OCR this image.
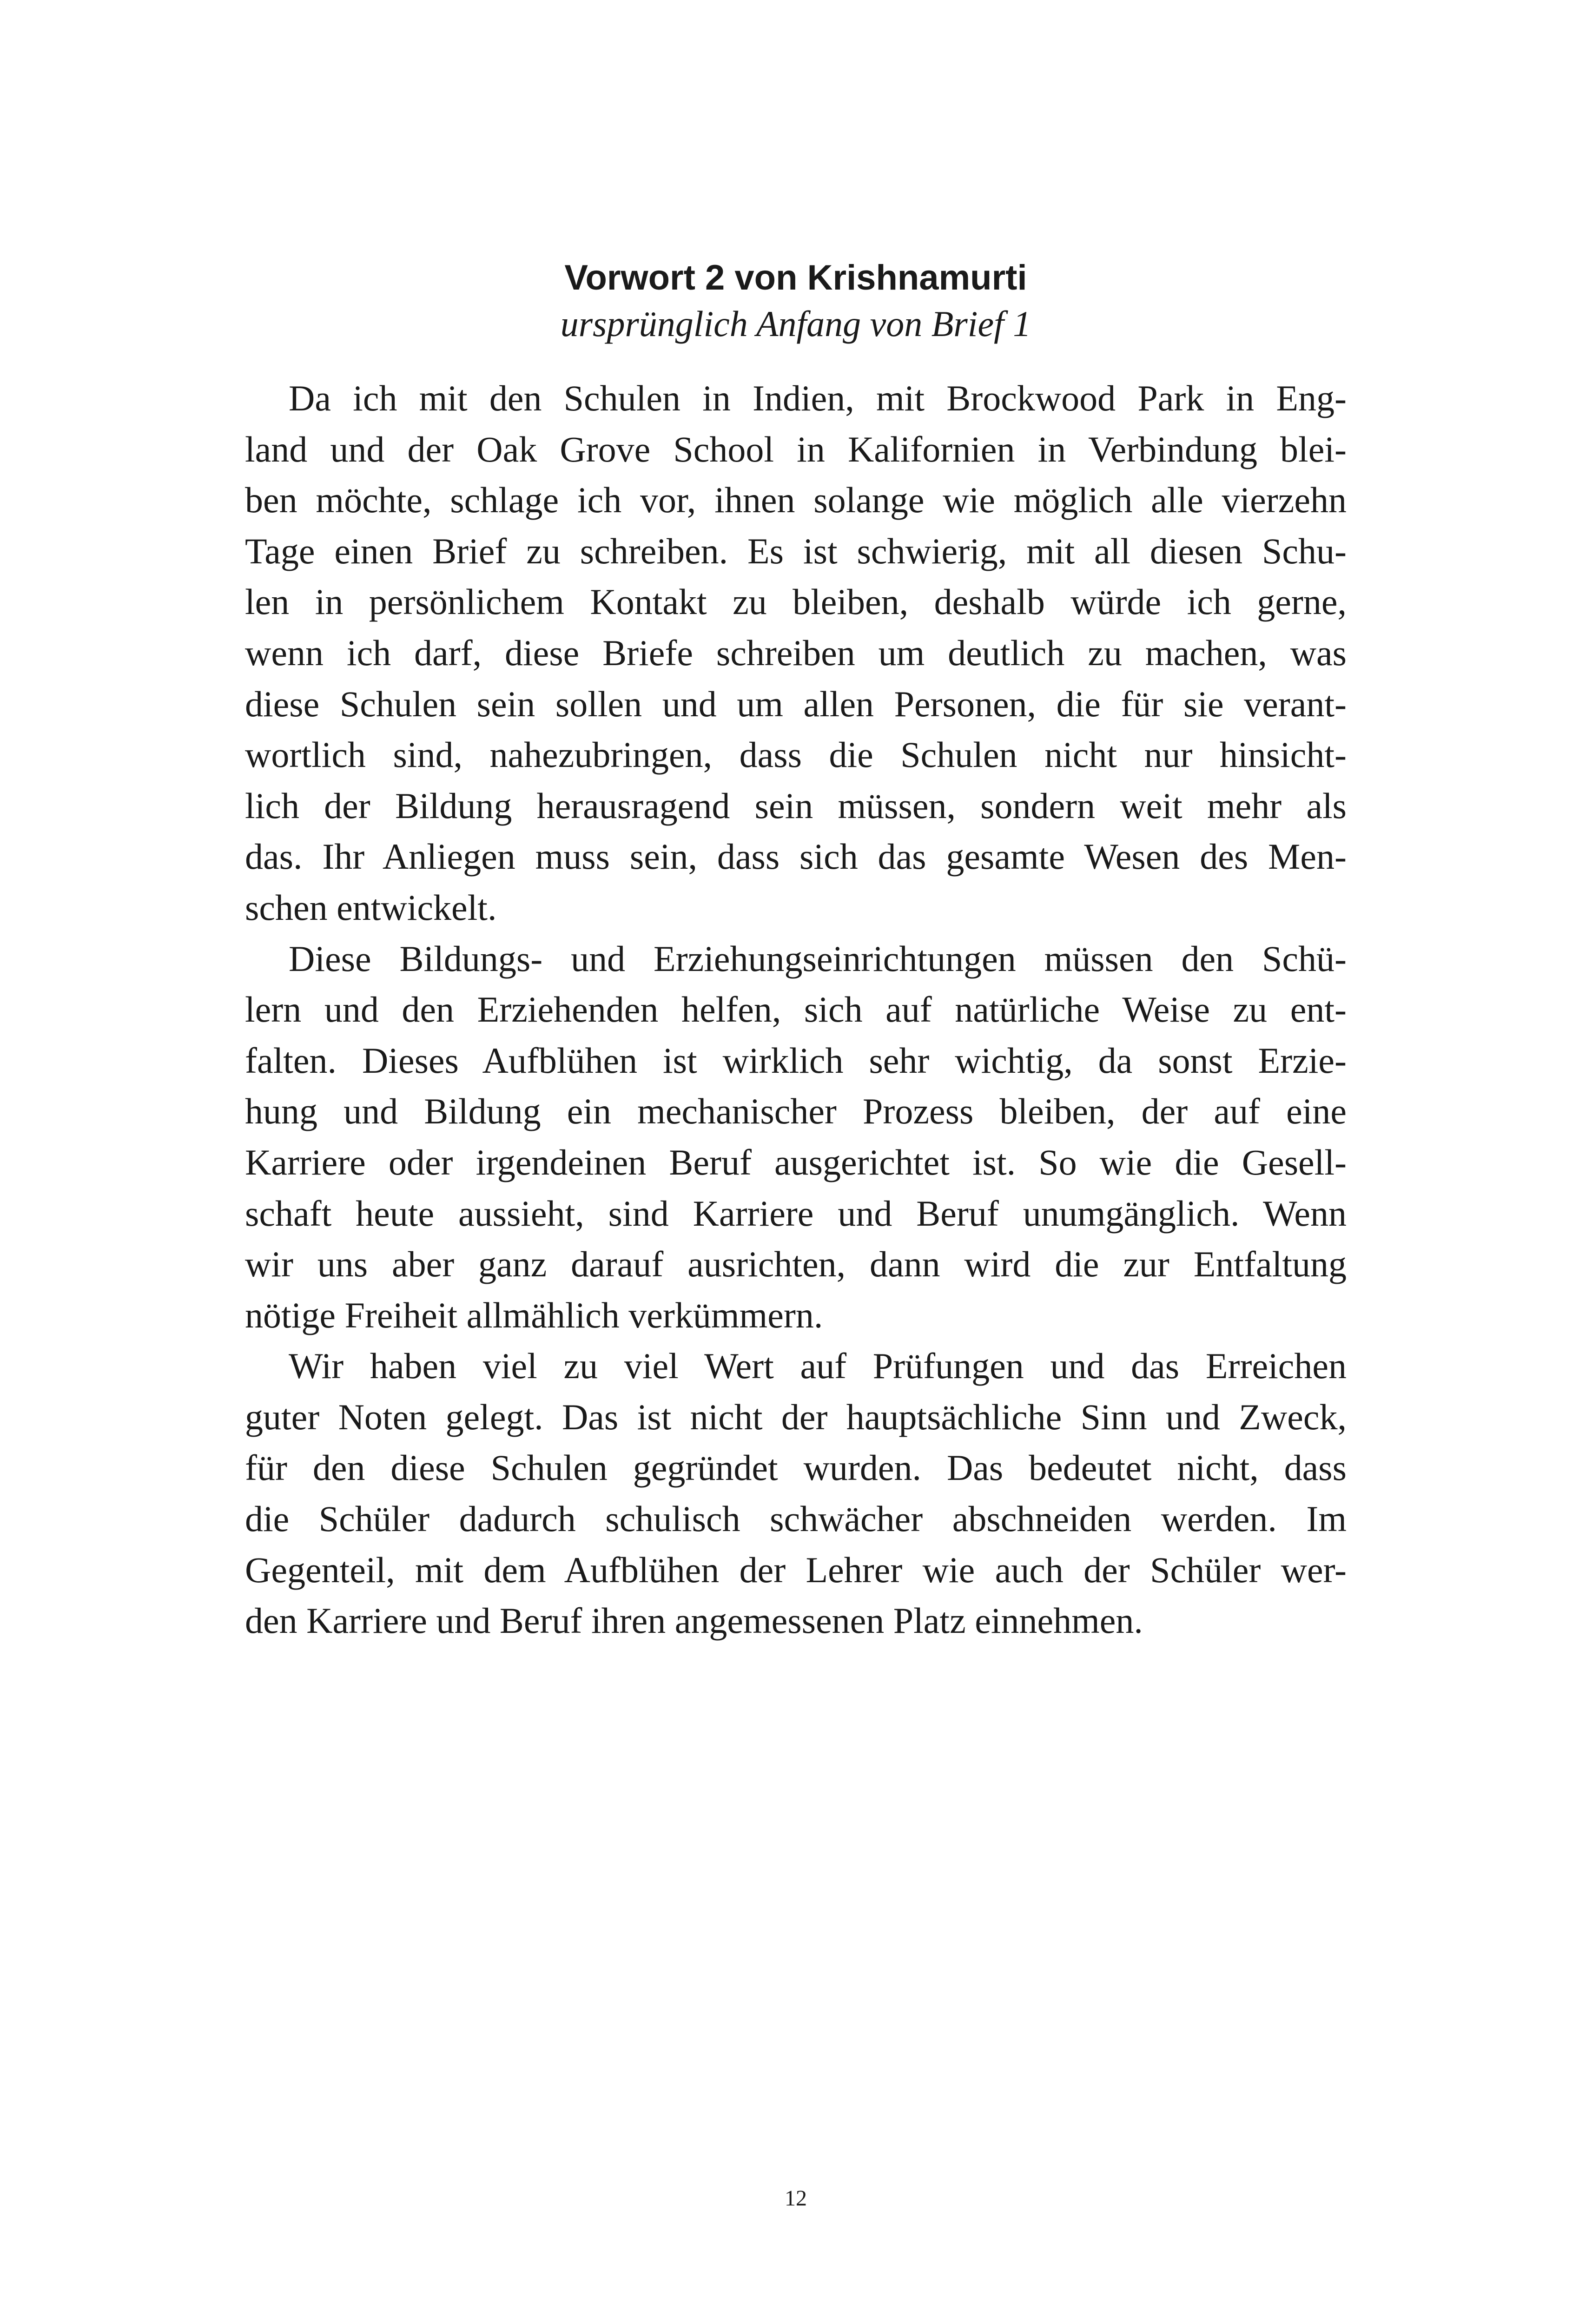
Vorwort 2 von Krishnamurti
ursprünglich Anfang von Brief 1
Da ich mit den Schulen in Indien, mit Brockwood Park in Eng-
land und der Oak Grove School in Kalifornien in Verbindung blei-
ben möchte, schlage ich vor, ihnen solange wie möglich alle vierzehn
Tage einen Brief zu schreiben. Es ist schwierig, mit all diesen Schu-
len in persönlichem Kontakt zu bleiben, deshalb würde ich gerne,
wenn ich darf, diese Briefe schreiben um deutlich zu machen, was
diese Schulen sein sollen und um allen Personen, die für sie verant-
wortlich sind, nahezubringen, dass die Schulen nicht nur hinsicht-
lich der Bildung herausragend sein müssen, sondern weit mehr als
das. Ihr Anliegen muss sein, dass sich das gesamte Wesen des Men-
schen entwickelt.
Diese Bildungs- und Erziehungseinrichtungen müssen den Schü-
lern und den Erziehenden helfen, sich auf natürliche Weise zu ent-
falten. Dieses Aufblühen ist wirklich sehr wichtig, da sonst Erzie-
hung und Bildung ein mechanischer Prozess bleiben, der auf eine
Karriere oder irgendeinen Beruf ausgerichtet ist. So wie die Gesell-
schaft heute aussieht, sind Karriere und Beruf unumgänglich. Wenn
wir uns aber ganz darauf ausrichten, dann wird die zur Entfaltung
nötige Freiheit allmählich verkümmern.
Wir haben viel zu viel Wert auf Prüfungen und das Erreichen
guter Noten gelegt. Das ist nicht der hauptsächliche Sinn und Zweck,
für den diese Schulen gegründet wurden. Das bedeutet nicht, dass
die Schüler dadurch schulisch schwächer abschneiden werden. Im
Gegenteil, mit dem Aufblühen der Lehrer wie auch der Schüler wer-
den Karriere und Beruf ihren angemessenen Platz einnehmen.
12
